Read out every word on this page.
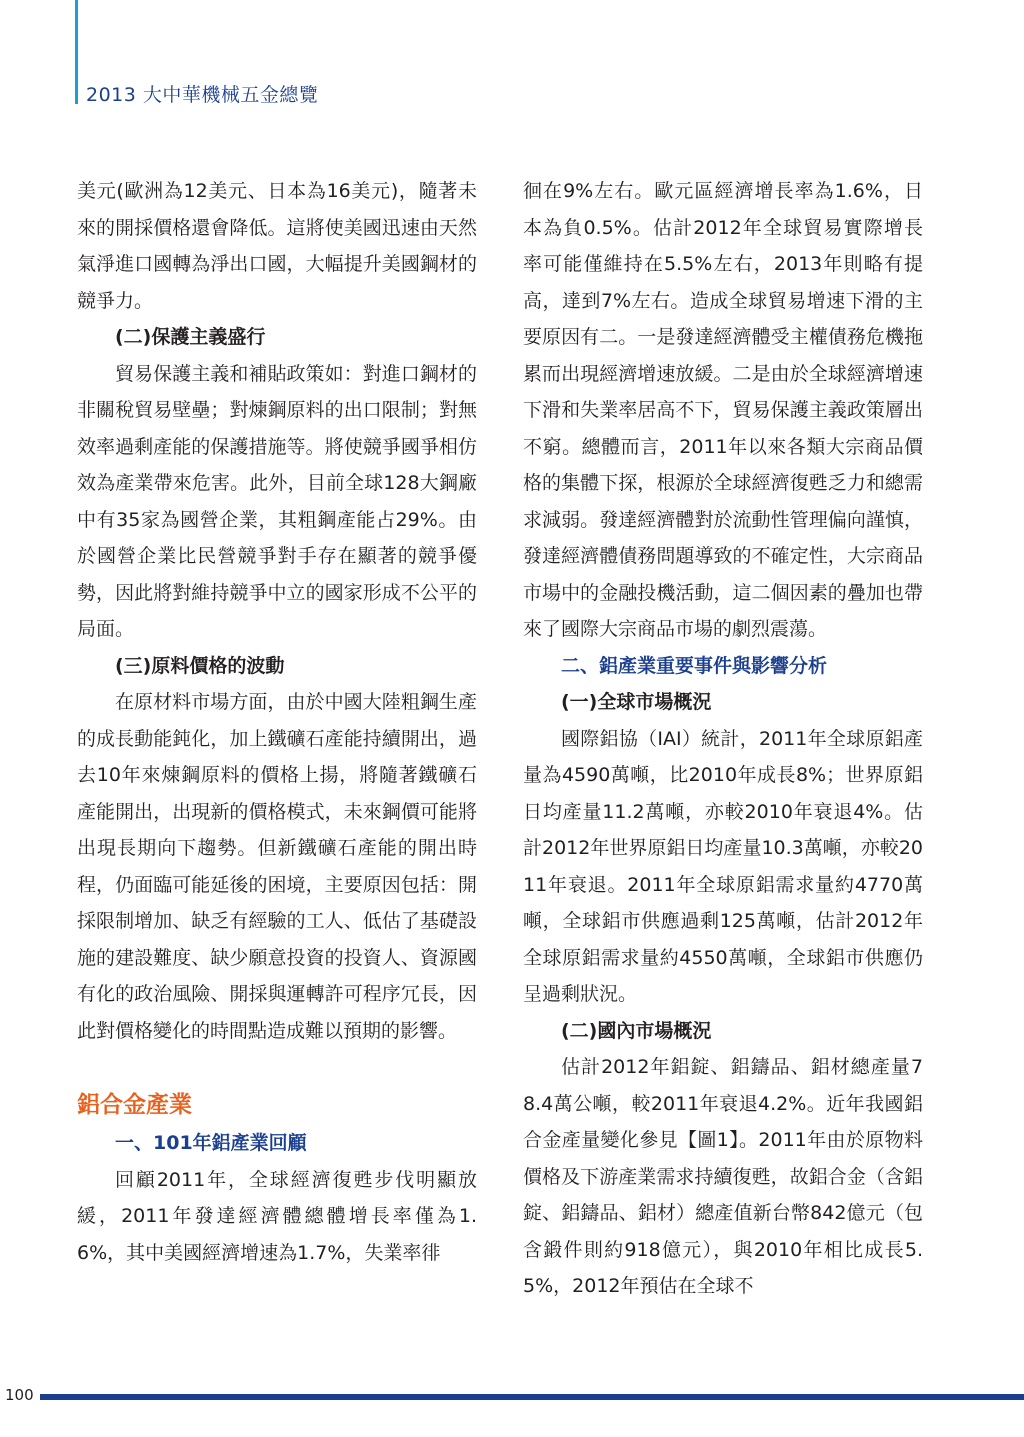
2013 大中華機械五金總覽

美元(歐洲為12美元、日本為16美元)，隨著未來的開採價格還會降低。這將使美國迅速由天然氣淨進口國轉為淨出口國，大幅提升美國鋼材的競爭力。

(二)保護主義盛行

貿易保護主義和補貼政策如：對進口鋼材的非關稅貿易壁壘；對煉鋼原料的出口限制；對無效率過剩產能的保護措施等。將使競爭國爭相仿效為產業帶來危害。此外，目前全球128大鋼廠中有35家為國營企業，其粗鋼產能占29%。由於國營企業比民營競爭對手存在顯著的競爭優勢，因此將對維持競爭中立的國家形成不公平的局面。

(三)原料價格的波動

在原材料市場方面，由於中國大陸粗鋼生產的成長動能鈍化，加上鐵礦石產能持續開出，過去10年來煉鋼原料的價格上揚，將隨著鐵礦石產能開出，出現新的價格模式，未來鋼價可能將出現長期向下趨勢。但新鐵礦石產能的開出時程，仍面臨可能延後的困境，主要原因包括：開採限制增加、缺乏有經驗的工人、低估了基礎設施的建設難度、缺少願意投資的投資人、資源國有化的政治風險、開採與運轉許可程序冗長，因此對價格變化的時間點造成難以預期的影響。

鋁合金產業
一、101年鋁產業回顧

回顧2011年，全球經濟復甦步伐明顯放緩，2011年發達經濟體總體增長率僅為1.6%，其中美國經濟增速為1.7%，失業率徘

徊在9%左右。歐元區經濟增長率為1.6%，日本為負0.5%。估計2012年全球貿易實際增長率可能僅維持在5.5%左右，2013年則略有提高，達到7%左右。造成全球貿易增速下滑的主要原因有二。一是發達經濟體受主權債務危機拖累而出現經濟增速放緩。二是由於全球經濟增速下滑和失業率居高不下，貿易保護主義政策層出不窮。總體而言，2011年以來各類大宗商品價格的集體下探，根源於全球經濟復甦乏力和總需求減弱。發達經濟體對於流動性管理偏向謹慎，發達經濟體債務問題導致的不確定性，大宗商品市場中的金融投機活動，這二個因素的疊加也帶來了國際大宗商品市場的劇烈震蕩。

二、鋁產業重要事件與影響分析
(一)全球市場概況

國際鋁協（IAI）統計，2011年全球原鋁產量為4590萬噸，比2010年成長8%；世界原鋁日均產量11.2萬噸，亦較2010年衰退4%。估計2012年世界原鋁日均產量10.3萬噸，亦較2011年衰退。2011年全球原鋁需求量約4770萬噸，全球鋁市供應過剩125萬噸，估計2012年全球原鋁需求量約4550萬噸，全球鋁市供應仍呈過剩狀況。

(二)國內市場概況

估計2012年鋁錠、鋁鑄品、鋁材總產量78.4萬公噸，較2011年衰退4.2%。近年我國鋁合金產量變化參見【圖1】。2011年由於原物料價格及下游產業需求持續復甦，故鋁合金（含鋁錠、鋁鑄品、鋁材）總產值新台幣842億元（包含鍛件則約918億元），與2010年相比成長5.5%，2012年預估在全球不

100
